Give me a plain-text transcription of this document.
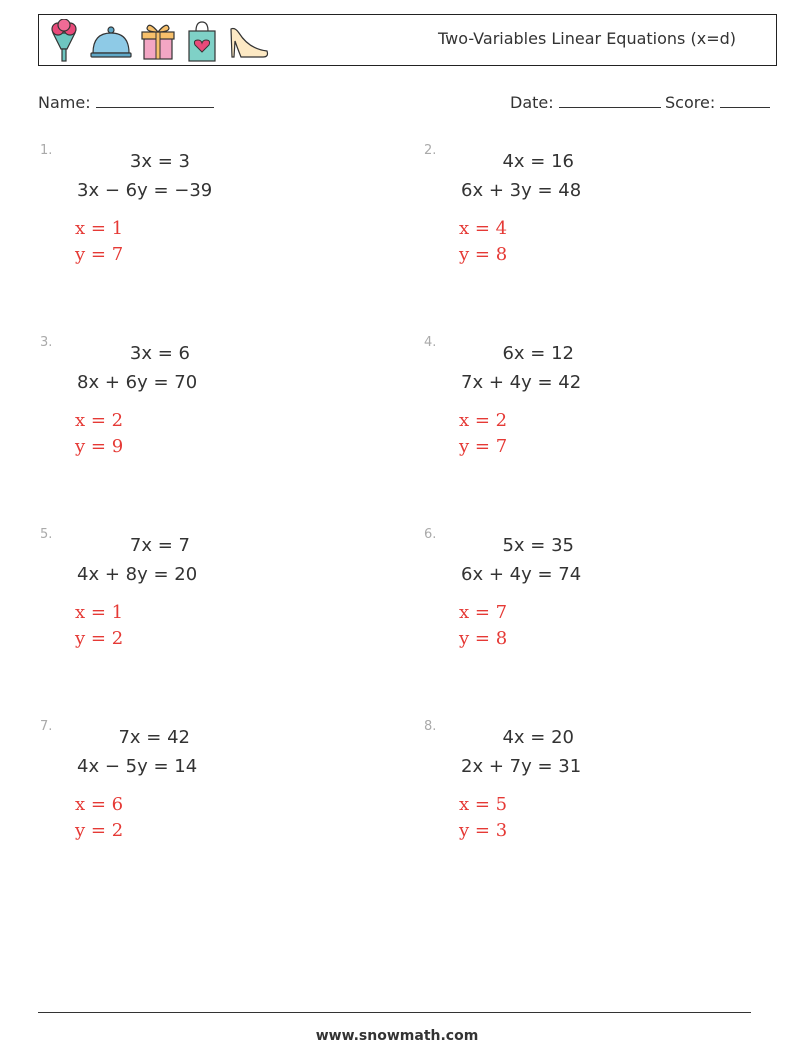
Two-Variables Linear Equations (x=d)
Name:	Date:	Score:
1.
3x = 3
3x − 6y = −39
x = 1
y = 7
2.
4x = 16
6x + 3y = 48
x = 4
y = 8
3.
3x = 6
8x + 6y = 70
x = 2
y = 9
4.
6x = 12
7x + 4y = 42
x = 2
y = 7
5.
7x = 7
4x + 8y = 20
x = 1
y = 2
6.
5x = 35
6x + 4y = 74
x = 7
y = 8
7.
7x = 42
4x − 5y = 14
x = 6
y = 2
8.
4x = 20
2x + 7y = 31
x = 5
y = 3
www.snowmath.com
